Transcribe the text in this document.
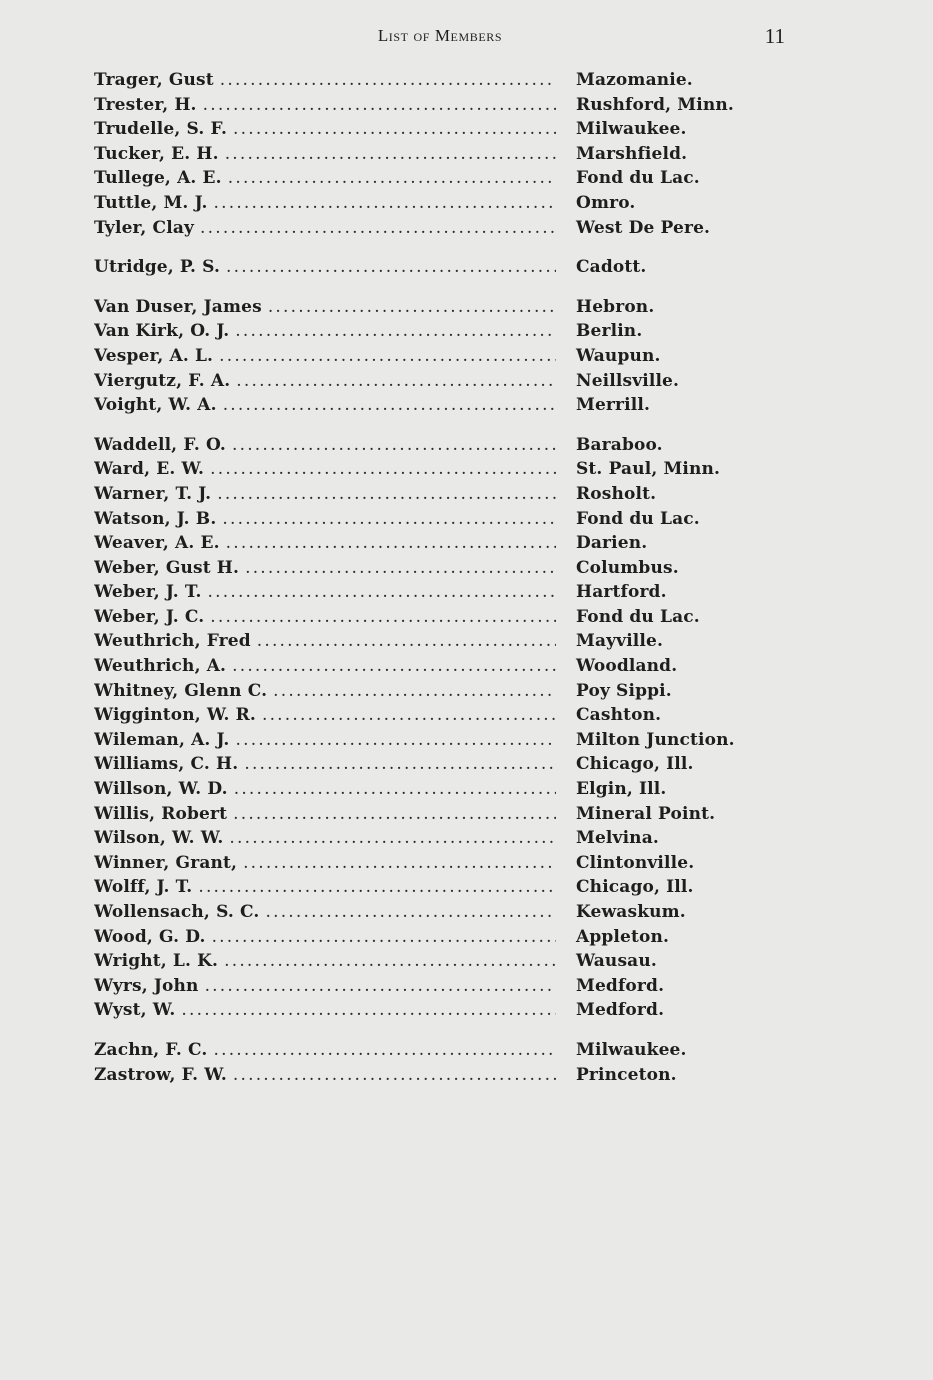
List of Members	11
Trager, Gust .....	Mazomanie.
Trester, H. .....	Rushford, Minn.
Trudelle, S. F. .....	Milwaukee.
Tucker, E. H. .....	Marshfield.
Tullege, A. E. .....	Fond du Lac.
Tuttle, M. J. .....	Omro.
Tyler, Clay .....	West De Pere.
Utridge, P. S. .....	Cadott.
Van Duser, James .....	Hebron.
Van Kirk, O. J. .....	Berlin.
Vesper, A. L. .....	Waupun.
Viergutz, F. A. .....	Neillsville.
Voight, W. A. .....	Merrill.
Waddell, F. O. .....	Baraboo.
Ward, E. W. .....	St. Paul, Minn.
Warner, T. J. .....	Rosholt.
Watson, J. B. .....	Fond du Lac.
Weaver, A. E. .....	Darien.
Weber, Gust H. .....	Columbus.
Weber, J. T. .....	Hartford.
Weber, J. C. .....	Fond du Lac.
Weuthrich, Fred .....	Mayville.
Weuthrich, A. .....	Woodland.
Whitney, Glenn C. .....	Poy Sippi.
Wigginton, W. R. .....	Cashton.
Wileman, A. J. .....	Milton Junction.
Williams, C. H. .....	Chicago, Ill.
Willson, W. D. .....	Elgin, Ill.
Willis, Robert .....	Mineral Point.
Wilson, W. W. .....	Melvina.
Winner, Grant, .....	Clintonville.
Wolff, J. T. .....	Chicago, Ill.
Wollensach, S. C. .....	Kewaskum.
Wood, G. D. .....	Appleton.
Wright, L. K. .....	Wausau.
Wyrs, John .....	Medford.
Wyst, W. .....	Medford.
Zachn, F. C. .....	Milwaukee.
Zastrow, F. W. .....	Princeton.
